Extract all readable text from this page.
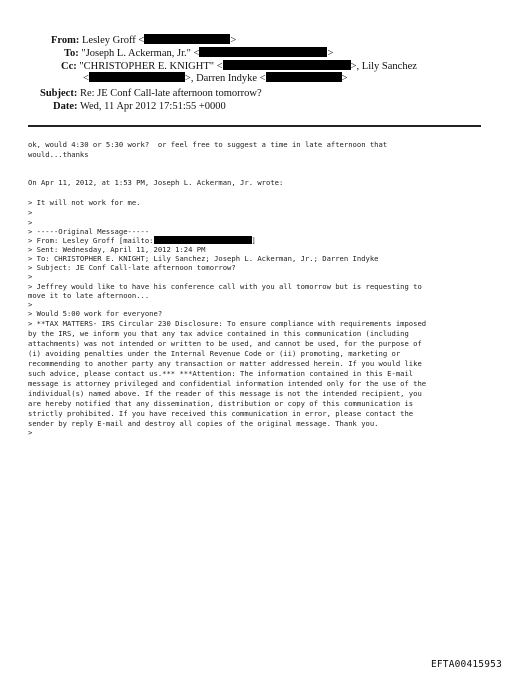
From: Lesley Groff <	>
To: "Joseph L. Ackerman, Jr." <	>
Cc: "CHRISTOPHER E. KNIGHT" <	>, Lily Sanchez
<	>, Darren Indyke <	>
Subject: Re: JE Conf Call-late afternoon tomorrow?
Date: Wed, 11 Apr 2012 17:51:55 +0000
ok, would 4:30 or 5:30 work?  or feel free to suggest a time in late afternoon that
would...thanks
On Apr 11, 2012, at 1:53 PM, Joseph L. Ackerman, Jr. wrote:
> It will not work for me.
>
>
> -----Original Message-----
> From: Lesley Groff [mailto:	]
> Sent: Wednesday, April 11, 2012 1:24 PM
> To: CHRISTOPHER E. KNIGHT; Lily Sanchez; Joseph L. Ackerman, Jr.; Darren Indyke
> Subject: JE Conf Call-late afternoon tomorrow?
>
> Jeffrey would like to have his conference call with you all tomorrow but is requesting to
move it to late afternoon...
>
> Would 5:00 work for everyone?
> **TAX MATTERS- IRS Circular 230 Disclosure: To ensure compliance with requirements imposed
by the IRS, we inform you that any tax advice contained in this communication (including
attachments) was not intended or written to be used, and cannot be used, for the purpose of
(i) avoiding penalties under the Internal Revenue Code or (ii) promoting, marketing or
recommending to another party any transaction or matter addressed herein. If you would like
such advice, please contact us.*** ***Attention: The information contained in this E-mail
message is attorney privileged and confidential information intended only for the use of the
individual(s) named above. If the reader of this message is not the intended recipient, you
are hereby notified that any dissemination, distribution or copy of this communication is
strictly prohibited. If you have received this communication in error, please contact the
sender by reply E-mail and destroy all copies of the original message. Thank you.
>
EFTA00415953
